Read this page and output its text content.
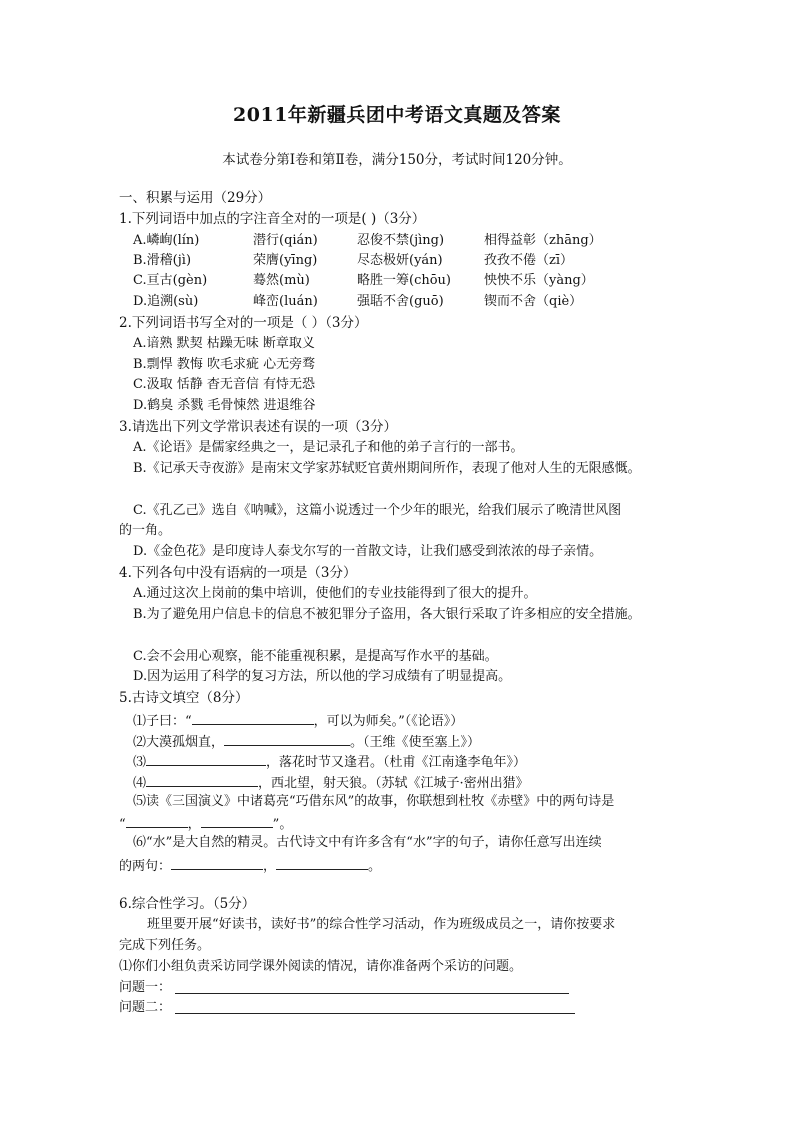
2011年新疆兵团中考语文真题及答案
本试卷分第Ⅰ卷和第Ⅱ卷，满分150分，考试时间120分钟。
一、积累与运用（29分）
1.下列词语中加点的字注音全对的一项是( )（3分）
A.嶙峋(lín)	潜行(qián)	忍俊不禁(jìng)	相得益彰（zhāng）
B.滑稽(jì)	荣膺(yīng)	尽态极妍(yán)	孜孜不倦（zī）
C.亘古(gèn)	蓦然(mù)	略胜一筹(chōu)	怏怏不乐（yàng）
D.追溯(sù)	峰峦(luán)	强聒不舍(guō)	锲而不舍（qiè）
2.下列词语书写全对的一项是（ ）（3分）
A.谙熟 默契 枯躁无味 断章取义
B.剽悍 教悔 吹毛求疵 心无旁骛
C.汲取 恬静 杳无音信 有恃无恐
D.鹤臭 杀戮 毛骨悚然 进退维谷
3.请选出下列文学常识表述有误的一项（3分）
A.《论语》是儒家经典之一，是记录孔子和他的弟子言行的一部书。
B.《记承天寺夜游》是南宋文学家苏轼贬官黄州期间所作，表现了他对人生的无限感慨。
C.《孔乙己》选自《呐喊》，这篇小说透过一个少年的眼光，给我们展示了晚清世风图
的一角。
D.《金色花》是印度诗人泰戈尔写的一首散文诗，让我们感受到浓浓的母子亲情。
4.下列各句中没有语病的一项是（3分）
A.通过这次上岗前的集中培训，使他们的专业技能得到了很大的提升。
B.为了避免用户信息卡的信息不被犯罪分子盗用，各大银行采取了许多相应的安全措施。
C.会不会用心观察，能不能重视积累，是提高写作水平的基础。
D.因为运用了科学的复习方法，所以他的学习成绩有了明显提高。
5.古诗文填空（8分）
⑴子曰：“	，可以为师矣。”（《论语》）
⑵大漠孤烟直，	。（王维《使至塞上》）
⑶	，落花时节又逢君。（杜甫《江南逢李龟年》）
⑷	，西北望，射天狼。（苏轼《江城子·密州出猎》
⑸读《三国演义》中诸葛亮“巧借东风”的故事，你联想到杜牧《赤壁》中的两句诗是
“	，	”。
⑹“水”是大自然的精灵。古代诗文中有许多含有“水”字的句子，请你任意写出连续
的两句：	，	。
6.综合性学习。（5分）
班里要开展“好读书，读好书”的综合性学习活动，作为班级成员之一，请你按要求
完成下列任务。
⑴你们小组负责采访同学课外阅读的情况，请你准备两个采访的问题。
问题一：
问题二：
